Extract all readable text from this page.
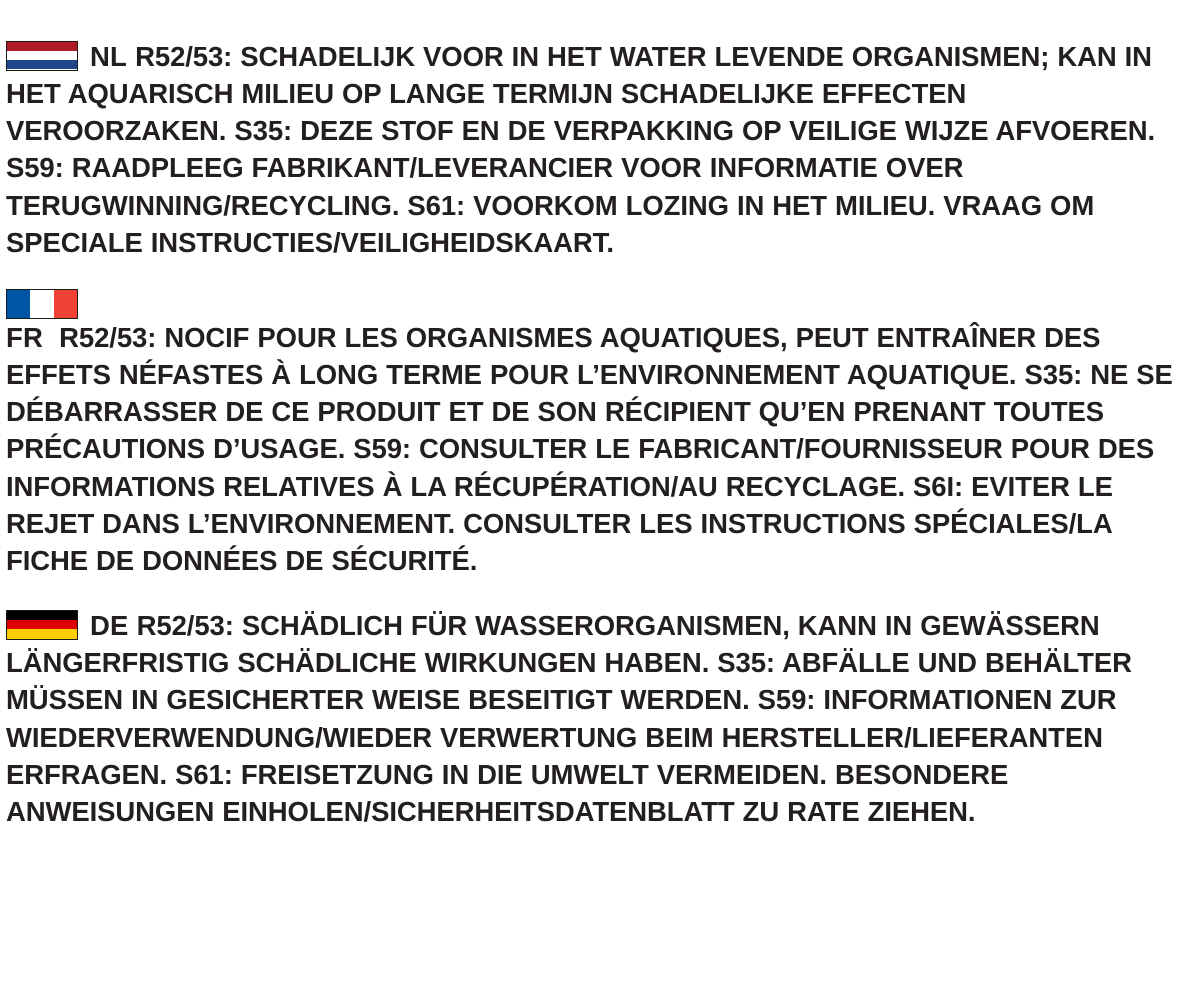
NL R52/53: SCHADELIJK VOOR IN HET WATER LEVENDE ORGANISMEN; KAN IN HET AQUARISCH MILIEU OP LANGE TERMIJN SCHADELIJKE EFFECTEN VEROORZAKEN. S35: DEZE STOF EN DE VERPAKKING OP VEILIGE WIJZE AFVOEREN. S59: RAADPLEEG FABRIKANT/LEVERANCIER VOOR INFORMATIE OVER TERUGWINNING/RECYCLING. S61: VOORKOM LOZING IN HET MILIEU. VRAAG OM SPECIALE INSTRUCTIES/VEILIGHEIDSKAART.

FR R52/53: NOCIF POUR LES ORGANISMES AQUATIQUES, PEUT ENTRAÎNER DES EFFETS NÉFASTES À LONG TERME POUR L’ENVIRONNEMENT AQUATIQUE. S35: NE SE DÉBARRASSER DE CE PRODUIT ET DE SON RÉCIPIENT QU’EN PRENANT TOUTES PRÉCAUTIONS D’USAGE. S59: CONSULTER LE FABRICANT/FOURNISSEUR POUR DES INFORMATIONS RELATIVES À LA RÉCUPÉRATION/AU RECYCLAGE. S6I: EVITER LE REJET DANS L’ENVIRONNEMENT. CONSULTER LES INSTRUCTIONS SPÉCIALES/LA FICHE DE DONNÉES DE SÉCURITÉ.

DE R52/53: SCHÄDLICH FÜR WASSERORGANISMEN, KANN IN GEWÄSSERN LÄNGERFRISTIG SCHÄDLICHE WIRKUNGEN HABEN. S35: ABFÄLLE UND BEHÄLTER MÜSSEN IN GESICHERTER WEISE BESEITIGT WERDEN. S59: INFORMATIONEN ZUR WIEDERVERWENDUNG/WIEDER VERWERTUNG BEIM HERSTELLER/LIEFERANTEN ERFRAGEN. S61: FREISETZUNG IN DIE UMWELT VERMEIDEN. BESONDERE ANWEISUNGEN EINHOLEN/SICHERHEITSDATENBLATT ZU RATE ZIEHEN.
